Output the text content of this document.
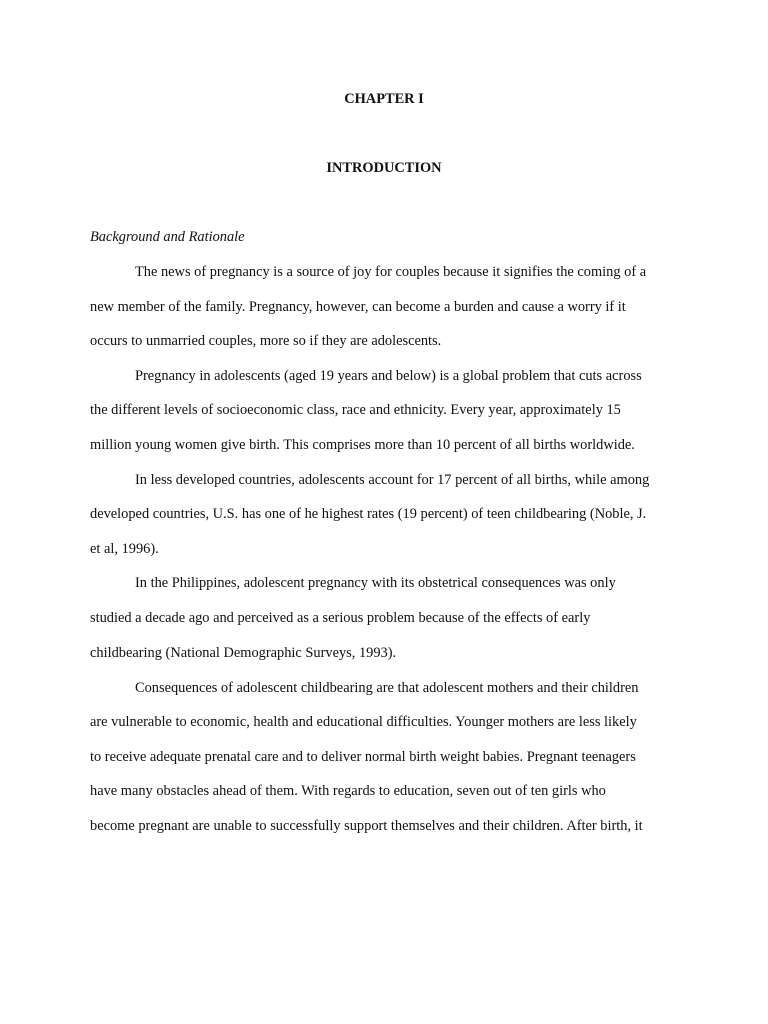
CHAPTER I
INTRODUCTION
Background and Rationale
The news of pregnancy is a source of joy for couples because it signifies the coming of a
new member of the family. Pregnancy, however, can become a burden and cause a worry if it
occurs to unmarried couples, more so if they are adolescents.
Pregnancy in adolescents (aged 19 years and below) is a global problem that cuts across
the different levels of socioeconomic class, race and ethnicity. Every year, approximately 15
million young women give birth. This comprises more than 10 percent of all births worldwide.
In less developed countries, adolescents account for 17 percent of all births, while among
developed countries, U.S. has one of he highest rates (19 percent) of teen childbearing (Noble, J.
et al, 1996).
In the Philippines, adolescent pregnancy with its obstetrical consequences was only
studied a decade ago and perceived as a serious problem because of the effects of early
childbearing (National Demographic Surveys, 1993).
Consequences of adolescent childbearing are that adolescent mothers and their children
are vulnerable to economic, health and educational difficulties. Younger mothers are less likely
to receive adequate prenatal care and to deliver normal birth weight babies. Pregnant teenagers
have many obstacles ahead of them. With regards to education, seven out of ten girls who
become pregnant are unable to successfully support themselves and their children. After birth, it
